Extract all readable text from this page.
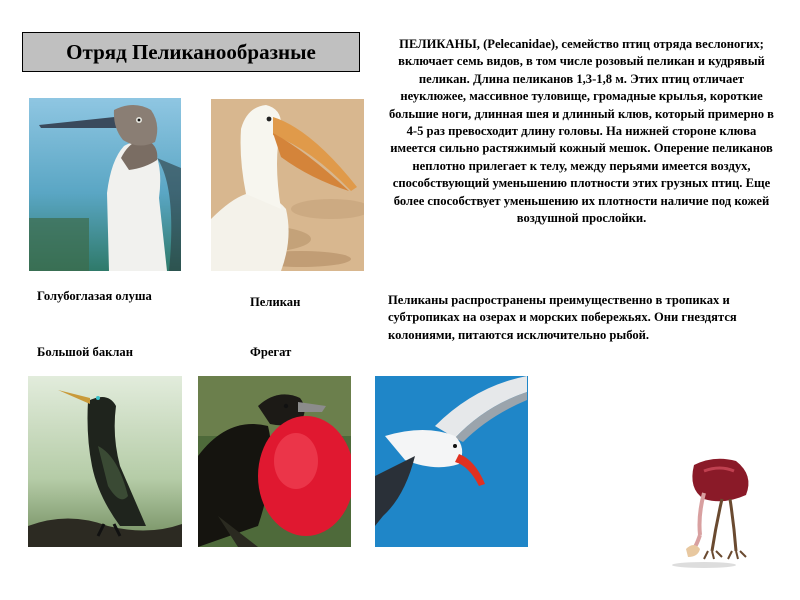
Отряд Пеликанообразные	ПЕЛИКАНЫ, (Pelecanidae), семейство птиц отряда веслоногих; включает семь видов, в том числе розовый пеликан и кудрявый пеликан. Длина пеликанов 1,3-1,8 м. Этих птиц отличает неуклюжее, массивное туловище, громадные крылья, короткие большие ноги, длинная шея и длинный клюв, который примерно в 4-5 раз превосходит длину головы. На нижней стороне клюва имеется сильно растяжимый кожный мешок. Оперение пеликанов неплотно прилегает к телу, между перьями имеется воздух, способствующий уменьшению плотности этих грузных птиц. Еще более способствует уменьшению их плотности наличие под кожей воздушной прослойки.
Пеликаны распространены преимущественно в тропиках и субтропиках на озерах и морских побережьях. Они гнездятся колониями, питаются исключительно рыбой.
Голубоглазая олуша	Пеликан
Большой баклан	Фрегат
